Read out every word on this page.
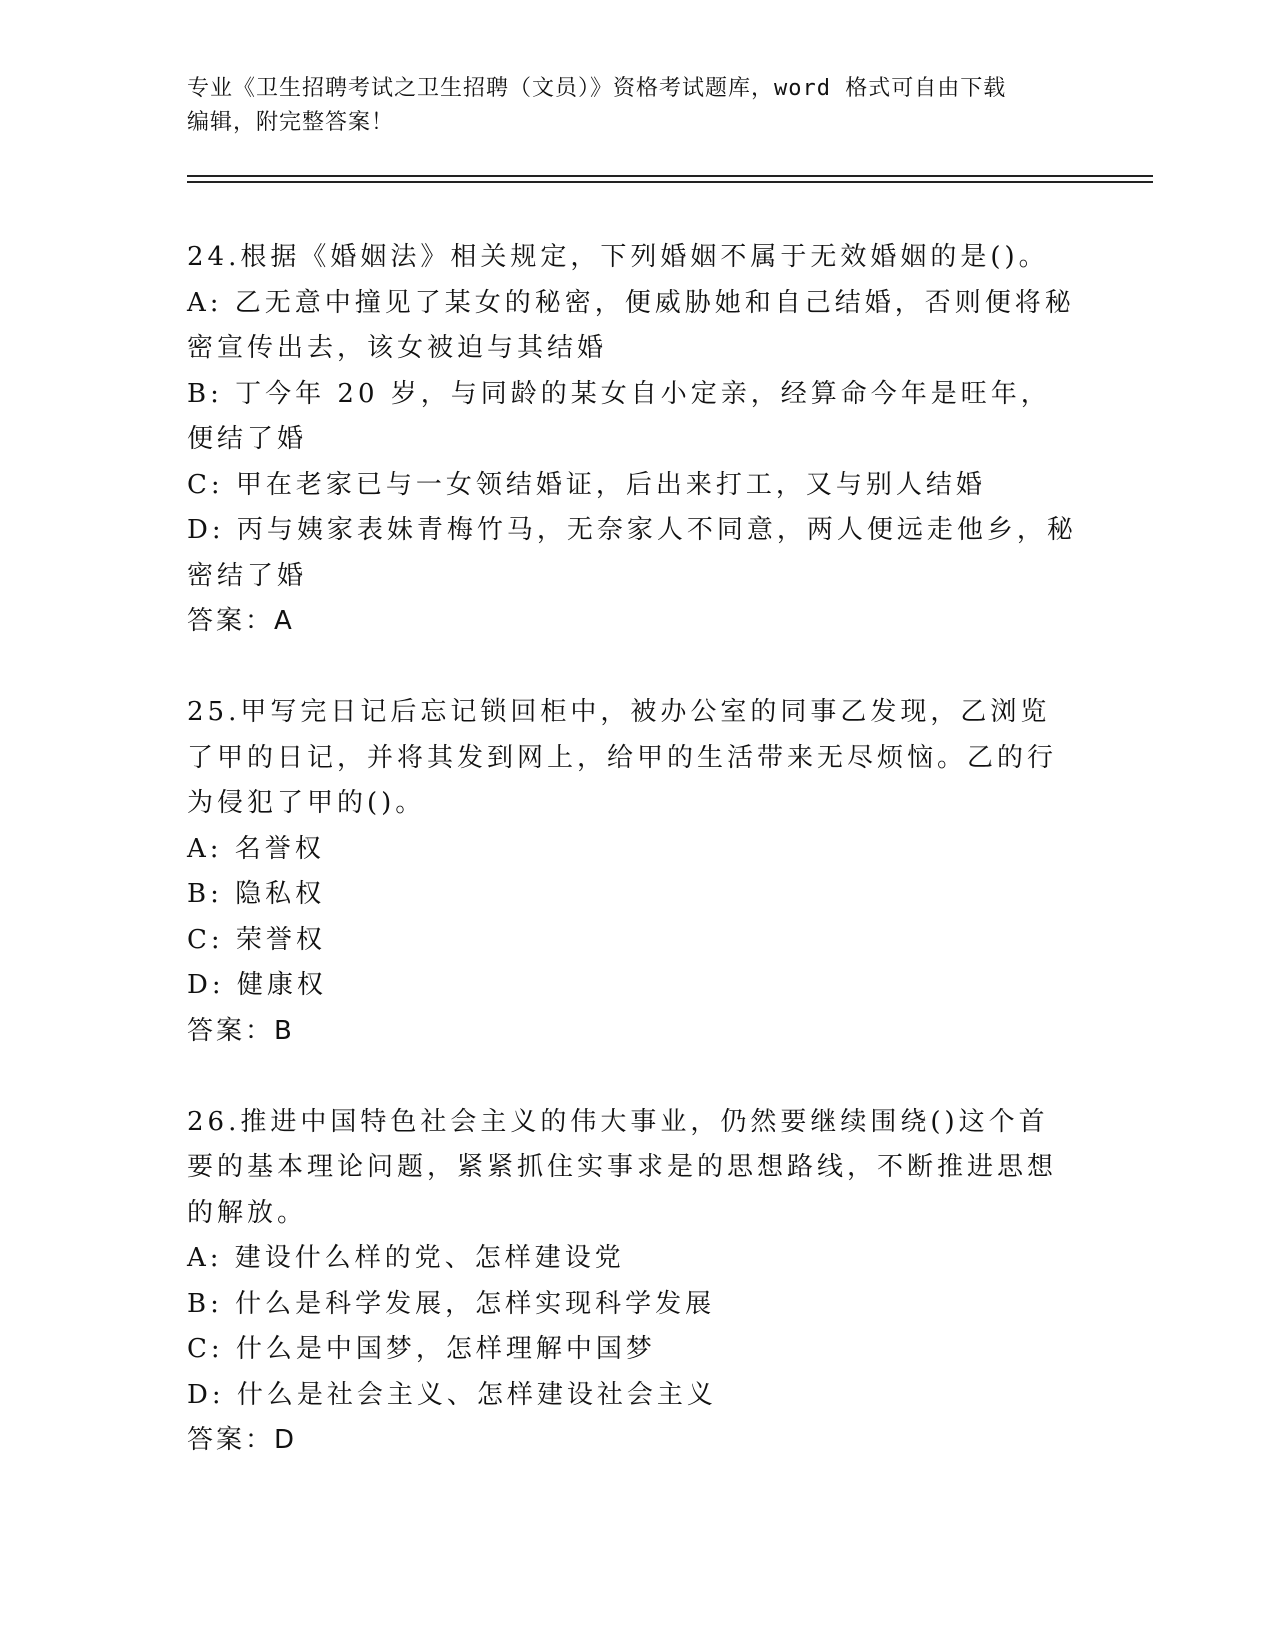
专业《卫生招聘考试之卫生招聘（文员）》资格考试题库，word 格式可自由下载
编辑，附完整答案！

24.根据《婚姻法》相关规定，下列婚姻不属于无效婚姻的是()。

A: 乙无意中撞见了某女的秘密，便威胁她和自己结婚，否则便将秘密宣传出去，该女被迫与其结婚

B: 丁今年 20 岁，与同龄的某女自小定亲，经算命今年是旺年，便结了婚

C: 甲在老家已与一女领结婚证，后出来打工，又与别人结婚

D: 丙与姨家表妹青梅竹马，无奈家人不同意，两人便远走他乡，秘密结了婚

答案：A

25.甲写完日记后忘记锁回柜中，被办公室的同事乙发现，乙浏览了甲的日记，并将其发到网上，给甲的生活带来无尽烦恼。乙的行为侵犯了甲的()。

A: 名誉权

B: 隐私权

C: 荣誉权

D: 健康权

答案：B

26.推进中国特色社会主义的伟大事业，仍然要继续围绕()这个首要的基本理论问题，紧紧抓住实事求是的思想路线，不断推进思想的解放。

A: 建设什么样的党、怎样建设党

B: 什么是科学发展，怎样实现科学发展

C: 什么是中国梦，怎样理解中国梦

D: 什么是社会主义、怎样建设社会主义

答案：D
